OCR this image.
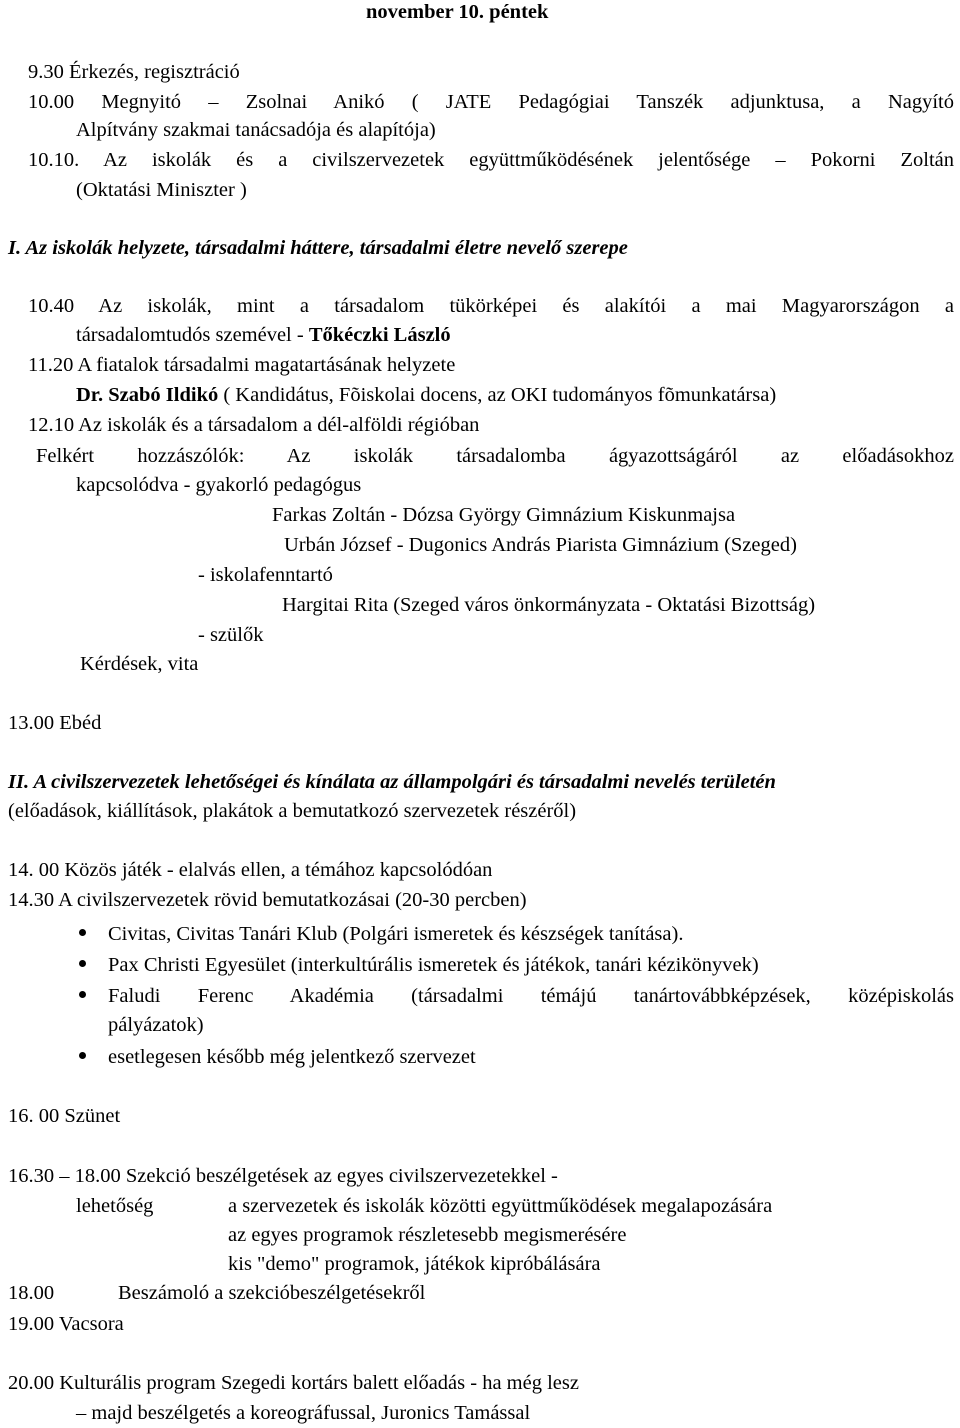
november 10. péntek
9.30 Érkezés, regisztráció
10.00 Megnyitó – Zsolnai Anikó ( JATE Pedagógiai Tanszék adjunktusa, a Nagyító
Alpítvány szakmai tanácsadója és alapítója)
10.10. Az iskolák és a civilszervezetek együttműködésének jelentősége – Pokorni Zoltán
(Oktatási Miniszter )
I. Az iskolák helyzete, társadalmi háttere, társadalmi életre nevelő szerepe
10.40 Az iskolák, mint a társadalom tükörképei és alakítói a mai Magyarországon a
társadalomtudós szemével - Tőkéczki László
11.20 A fiatalok társadalmi magatartásának helyzete
Dr. Szabó Ildikó ( Kandidátus, Fõiskolai docens, az OKI tudományos fõmunkatársa)
12.10 Az iskolák és a társadalom a dél-alföldi régióban
Felkért hozzászólók: Az iskolák társadalomba ágyazottságáról az előadásokhoz
kapcsolódva - gyakorló pedagógus
Farkas Zoltán - Dózsa György Gimnázium Kiskunmajsa
Urbán József - Dugonics András Piarista Gimnázium (Szeged)
- iskolafenntartó
Hargitai Rita (Szeged város önkormányzata - Oktatási Bizottság)
- szülők
Kérdések, vita
13.00 Ebéd
II. A civilszervezetek lehetőségei és kínálata az állampolgári és társadalmi nevelés területén
(előadások, kiállítások, plakátok a bemutatkozó szervezetek részéről)
14. 00 Közös játék - elalvás ellen, a témához kapcsolódóan
14.30 A civilszervezetek rövid bemutatkozásai (20-30 percben)
Civitas, Civitas Tanári Klub (Polgári ismeretek és készségek tanítása).
Pax Christi Egyesület (interkultúrális ismeretek és játékok, tanári kézikönyvek)
Faludi Ferenc Akadémia (társadalmi témájú tanártovábbképzések, középiskolás
pályázatok)
esetlegesen később még jelentkező szervezet
16. 00 Szünet
16.30 – 18.00 Szekció beszélgetések az egyes civilszervezetekkel -
lehetőség	a szervezetek és iskolák közötti együttműködések megalapozására
az egyes programok részletesebb megismerésére
kis "demo" programok, játékok kipróbálására
18.00	Beszámoló a szekcióbeszélgetésekről
19.00 Vacsora
20.00 Kulturális program Szegedi kortárs balett előadás - ha még lesz
– majd beszélgetés a koreográfussal, Juronics Tamással
